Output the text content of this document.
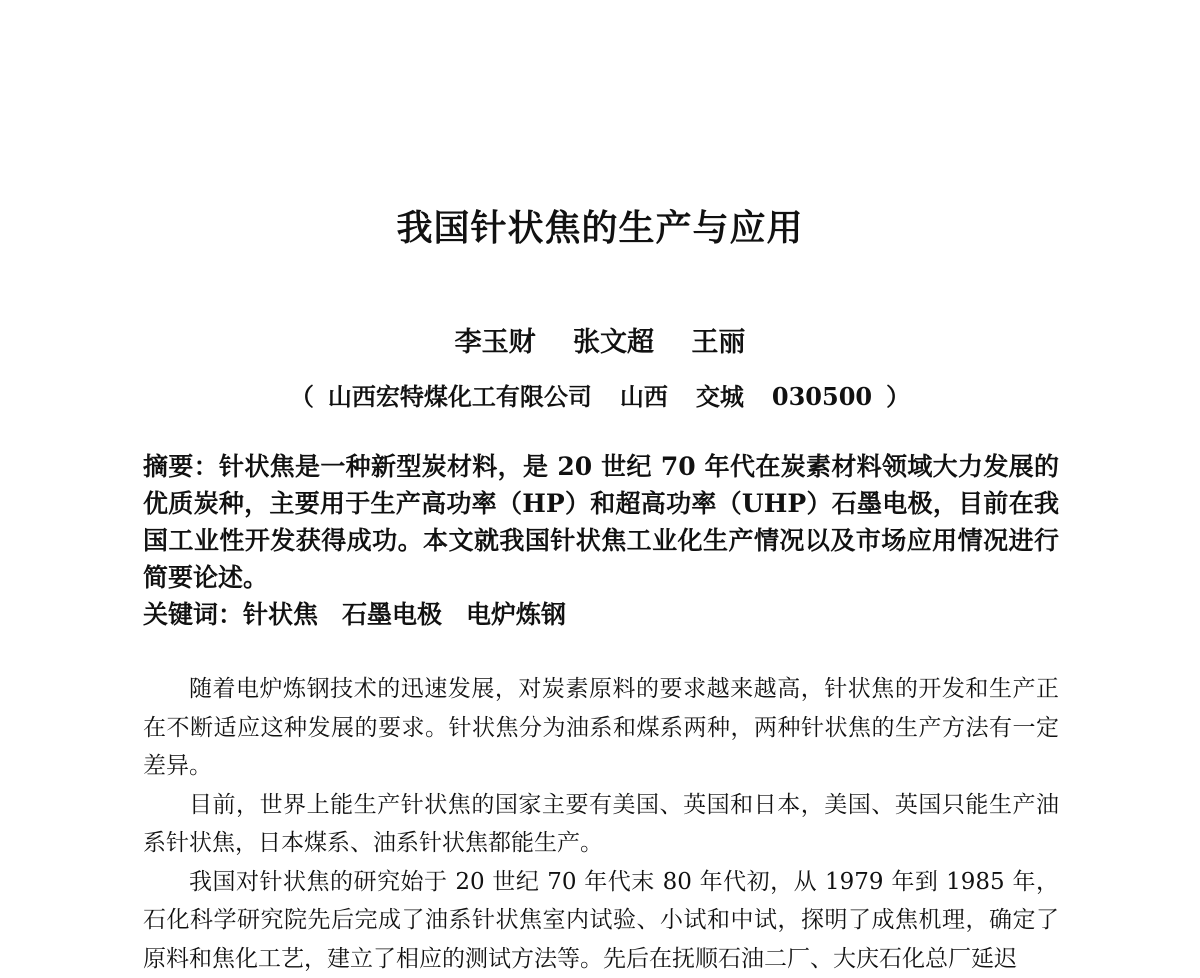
我国针状焦的生产与应用
李玉财 张文超 王丽
（ 山西宏特煤化工有限公司 山西 交城 030500 ）
摘要：针状焦是一种新型炭材料，是 20 世纪 70 年代在炭素材料领域大力发展的优质炭种，主要用于生产高功率（HP）和超高功率（UHP）石墨电极，目前在我国工业性开发获得成功。本文就我国针状焦工业化生产情况以及市场应用情况进行简要论述。
关键词：针状焦 石墨电极 电炉炼钢

随着电炉炼钢技术的迅速发展，对炭素原料的要求越来越高，针状焦的开发和生产正在不断适应这种发展的要求。针状焦分为油系和煤系两种，两种针状焦的生产方法有一定差异。

目前，世界上能生产针状焦的国家主要有美国、英国和日本，美国、英国只能生产油系针状焦，日本煤系、油系针状焦都能生产。

我国对针状焦的研究始于 20 世纪 70 年代末 80 年代初，从 1979 年到 1985 年，石化科学研究院先后完成了油系针状焦室内试验、小试和中试，探明了成焦机理，确定了原料和焦化工艺，建立了相应的测试方法等。先后在抚顺石油二厂、大庆石化总厂延迟
